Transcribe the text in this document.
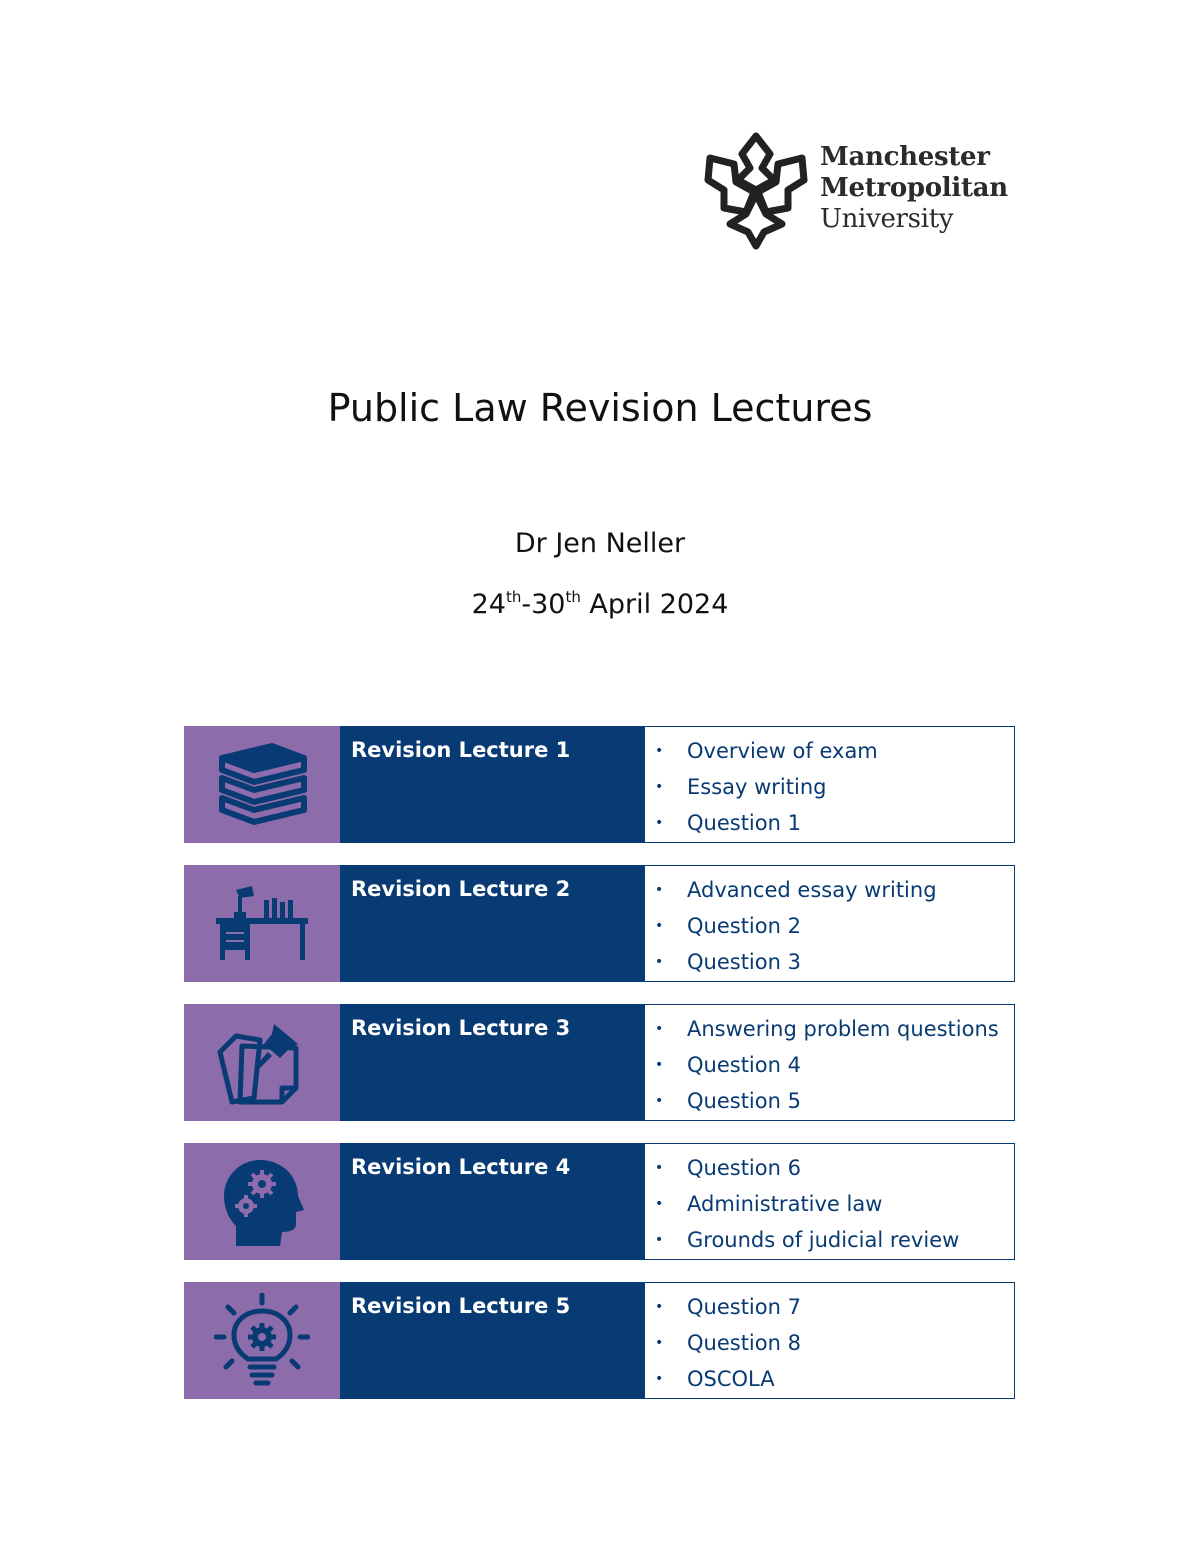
Manchester
Metropolitan
University
Public Law Revision Lectures
Dr Jen Neller
24th-30th April 2024
Revision Lecture 1	• Overview of exam
• Essay writing
• Question 1
Revision Lecture 2	• Advanced essay writing
• Question 2
• Question 3
Revision Lecture 3	• Answering problem questions
• Question 4
• Question 5
Revision Lecture 4	• Question 6
• Administrative law
• Grounds of judicial review
Revision Lecture 5	• Question 7
• Question 8
• OSCOLA
